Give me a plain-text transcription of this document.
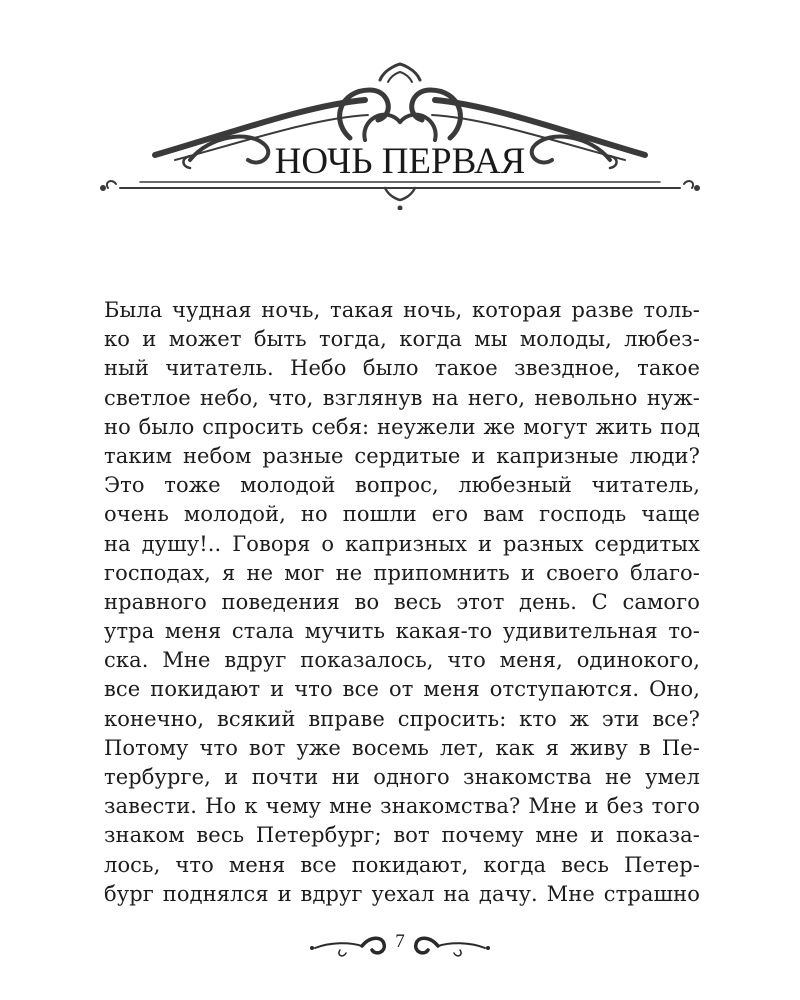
НОЧЬ ПЕРВАЯ
Была чудная ночь, такая ночь, которая разве толь-
ко и может быть тогда, когда мы молоды, любез-
ный читатель. Небо было такое звездное, такое
светлое небо, что, взглянув на него, невольно нуж-
но было спросить себя: неужели же могут жить под
таким небом разные сердитые и капризные люди?
Это тоже молодой вопрос, любезный читатель,
очень молодой, но пошли его вам господь чаще
на душу!.. Говоря о капризных и разных сердитых
господах, я не мог не припомнить и своего благо-
нравного поведения во весь этот день. С самого
утра меня стала мучить какая-то удивительная то-
ска. Мне вдруг показалось, что меня, одинокого,
все покидают и что все от меня отступаются. Оно,
конечно, всякий вправе спросить: кто ж эти все?
Потому что вот уже восемь лет, как я живу в Пе-
тербурге, и почти ни одного знакомства не умел
завести. Но к чему мне знакомства? Мне и без того
знаком весь Петербург; вот почему мне и показа-
лось, что меня все покидают, когда весь Петер-
бург поднялся и вдруг уехал на дачу. Мне страшно
7
